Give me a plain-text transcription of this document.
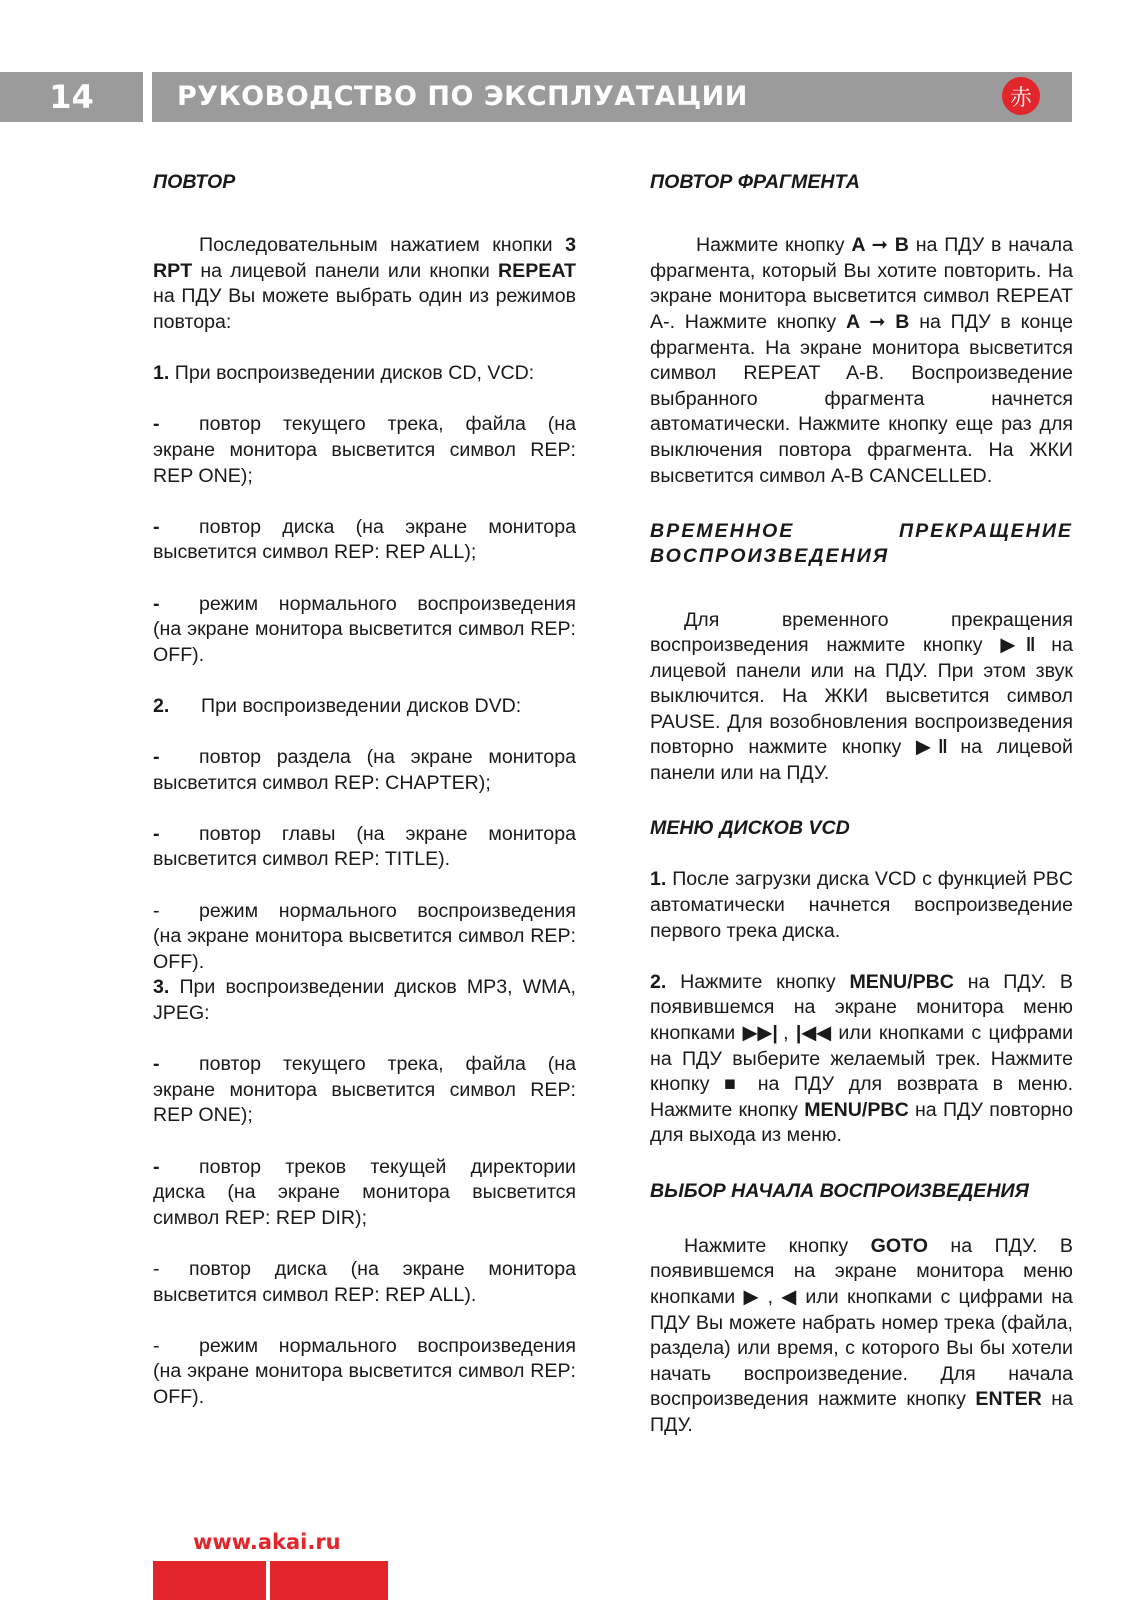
14	РУКОВОДСТВО ПО ЭКСПЛУАТАЦИИ	赤
ПОВТОР

Последовательным нажатием кнопки 3 RPT на лицевой панели или кнопки REPEAT на ПДУ Вы можете выбрать один из режимов повтора:

1. При воспроизведении дисков CD, VCD:

- повтор текущего трека, файла (на экране монитора высветится символ REP: REP ONE);

- повтор диска (на экране монитора высветится символ REP: REP ALL);

- режим нормального воспроизведения (на экране монитора высветится символ REP: OFF).

2. При воспроизведении дисков DVD:

- повтор раздела (на экране монитора высветится символ REP: CHAPTER);

- повтор главы (на экране монитора высветится символ REP: TITLE).

- режим нормального воспроизведения (на экране монитора высветится символ REP: OFF).

3. При воспроизведении дисков MP3, WMA, JPEG:

- повтор текущего трека, файла (на экране монитора высветится символ REP: REP ONE);

- повтор треков текущей директории диска (на экране монитора высветится символ REP: REP DIR);

- повтор диска (на экране монитора высветится символ REP: REP ALL).

- режим нормального воспроизведения (на экране монитора высветится символ REP: OFF).

ПОВТОР ФРАГМЕНТА

Нажмите кнопку A ➞ B на ПДУ в начала фрагмента, который Вы хотите повторить. На экране монитора высветится символ REPEAT A-. Нажмите кнопку A ➞ B на ПДУ в конце фрагмента. На экране монитора высветится символ REPEAT A-B. Воспроизведение выбранного фрагмента начнется автоматически. Нажмите кнопку еще раз для выключения повтора фрагмента. На ЖКИ высветится символ A-B CANCELLED.

ВРЕМЕННОЕ ПРЕКРАЩЕНИЕ ВОСПРОИЗВЕДЕНИЯ

Для временного прекращения воспроизведения нажмите кнопку ▶‖ на лицевой панели или на ПДУ. При этом звук выключится. На ЖКИ высветится символ PAUSE. Для возобновления воспроизведения повторно нажмите кнопку ▶‖ на лицевой панели или на ПДУ.

МЕНЮ ДИСКОВ VCD

1. После загрузки диска VCD с функцией PBC автоматически начнется воспроизведение первого трека диска.

2. Нажмите кнопку MENU/PBC на ПДУ. В появившемся на экране монитора меню кнопками ▶▶| , |◀◀ или кнопками с цифрами на ПДУ выберите желаемый трек. Нажмите кнопку ■ на ПДУ для возврата в меню. Нажмите кнопку MENU/PBC на ПДУ повторно для выхода из меню.

ВЫБОР НАЧАЛА ВОСПРОИЗВЕДЕНИЯ

Нажмите кнопку GOTO на ПДУ. В появившемся на экране монитора меню кнопками ▶ , ◀ или кнопками с цифрами на ПДУ Вы можете набрать номер трека (файла, раздела) или время, с которого Вы бы хотели начать воспроизведение. Для начала воспроизведения нажмите кнопку ENTER на ПДУ.

www.akai.ru
